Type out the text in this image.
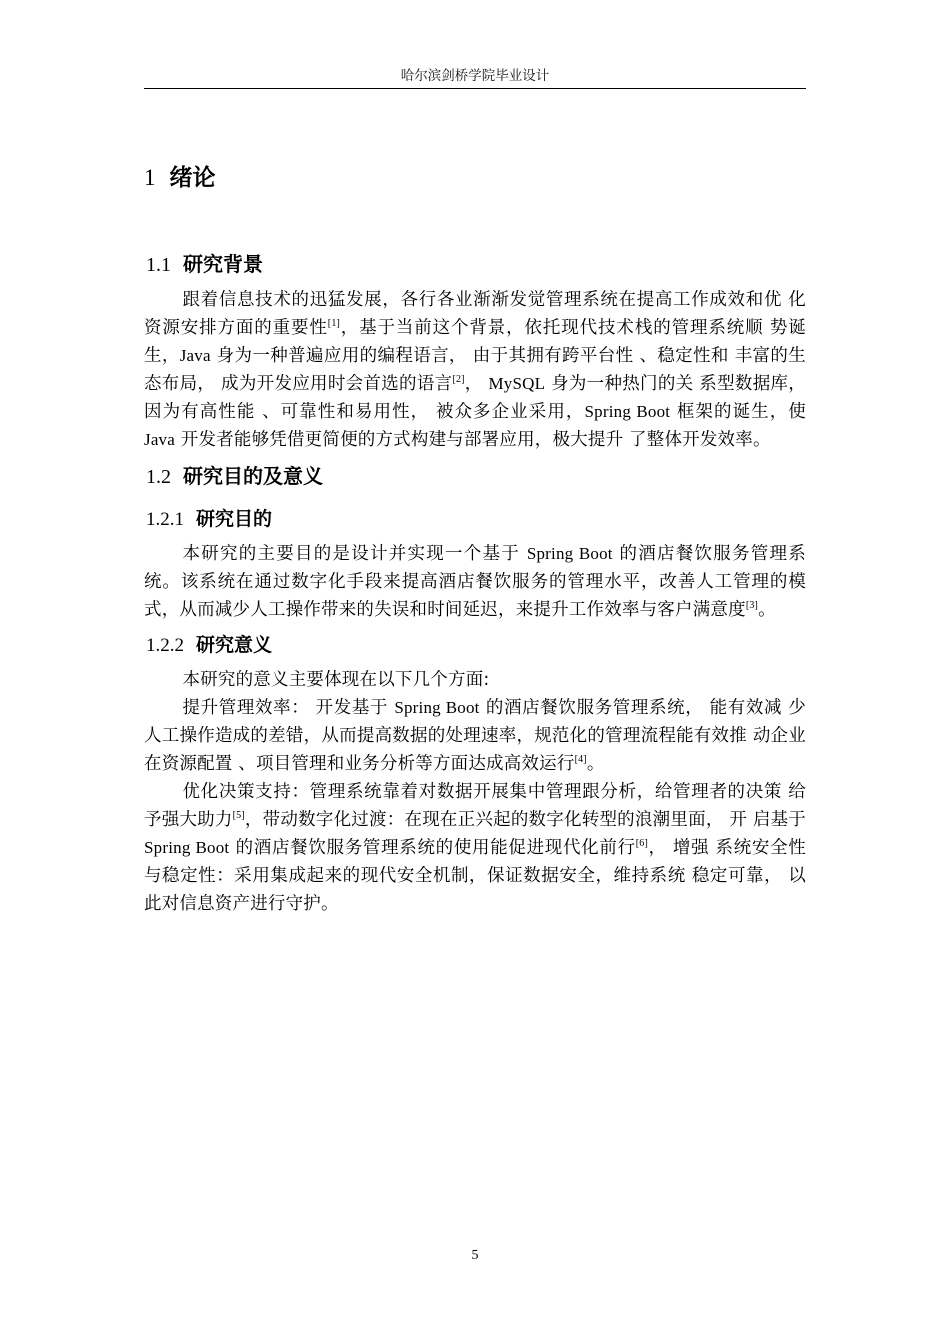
哈尔滨剑桥学院毕业设计
1 绪论
1.1 研究背景

跟着信息技术的迅猛发展，各行各业渐渐发觉管理系统在提高工作成效和优 化资源安排方面的重要性[1]，基于当前这个背景，依托现代技术栈的管理系统顺 势诞生，Java 身为一种普遍应用的编程语言， 由于其拥有跨平台性 、稳定性和 丰富的生态布局， 成为开发应用时会首选的语言[2]， MySQL 身为一种热门的关 系型数据库， 因为有高性能 、可靠性和易用性， 被众多企业采用，Spring Boot 框架的诞生，使 Java 开发者能够凭借更简便的方式构建与部署应用，极大提升 了整体开发效率。

1.2 研究目的及意义
1.2.1 研究目的

本研究的主要目的是设计并实现一个基于 Spring Boot 的酒店餐饮服务管理系统。该系统在通过数字化手段来提高酒店餐饮服务的管理水平，改善人工管理的模式，从而减少人工操作带来的失误和时间延迟，来提升工作效率与客户满意度[3]。

1.2.2 研究意义

本研究的意义主要体现在以下几个方面:

提升管理效率： 开发基于 Spring Boot 的酒店餐饮服务管理系统， 能有效减 少人工操作造成的差错，从而提高数据的处理速率，规范化的管理流程能有效推 动企业在资源配置 、项目管理和业务分析等方面达成高效运行[4]。

优化决策支持：管理系统靠着对数据开展集中管理跟分析，给管理者的决策 给予强大助力[5]，带动数字化过渡：在现在正兴起的数字化转型的浪潮里面， 开 启基于 Spring Boot 的酒店餐饮服务管理系统的使用能促进现代化前行[6]， 增强 系统安全性与稳定性：采用集成起来的现代安全机制，保证数据安全，维持系统 稳定可靠， 以此对信息资产进行守护。

5
